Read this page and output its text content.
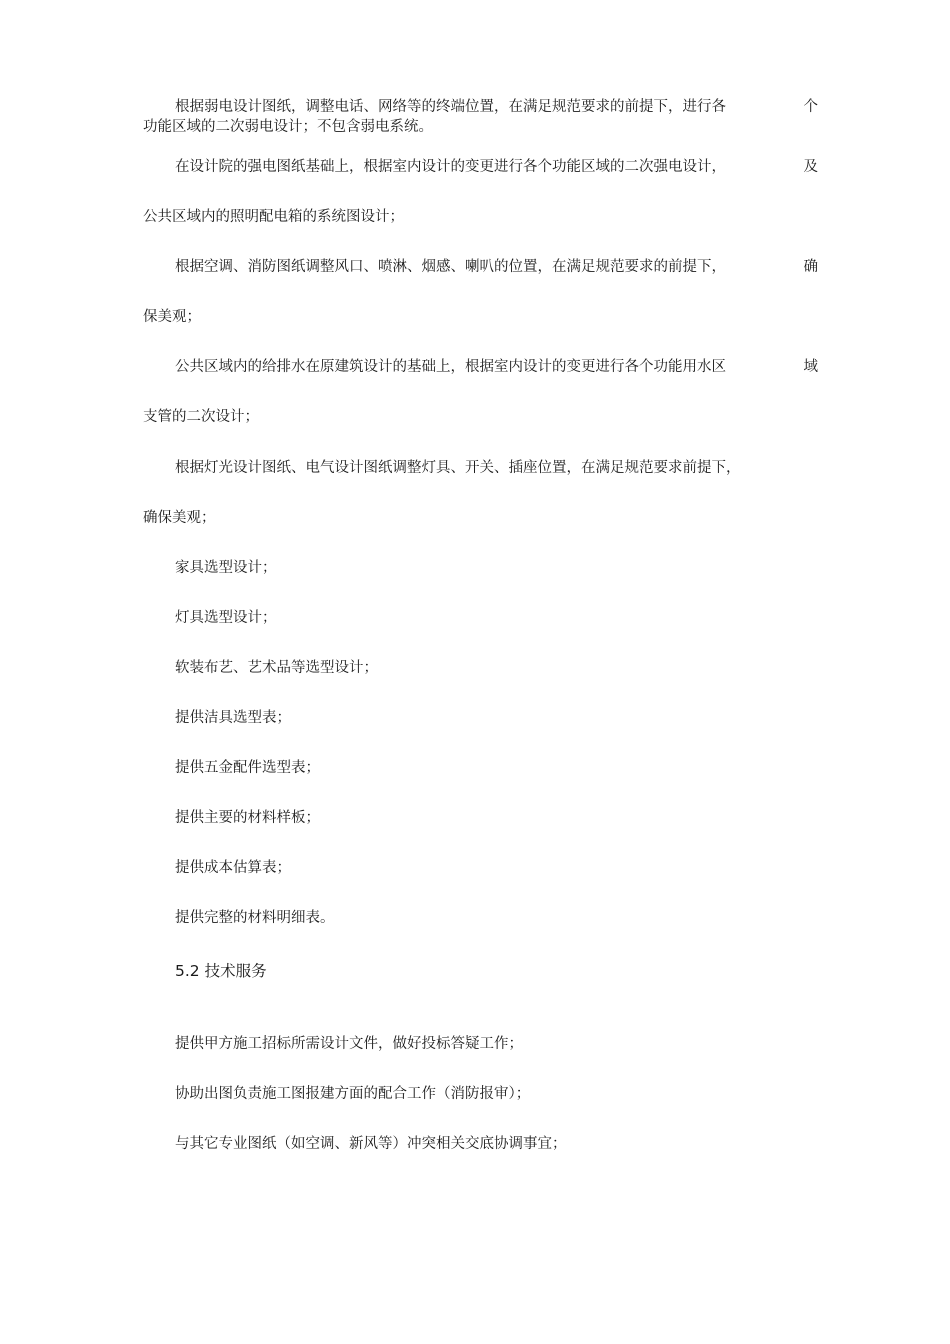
根据弱电设计图纸，调整电话、网络等的终端位置，在满足规范要求的前提下，进行各	个
功能区域的二次弱电设计；不包含弱电系统。
在设计院的强电图纸基础上，根据室内设计的变更进行各个功能区域的二次强电设计，	及
公共区域内的照明配电箱的系统图设计；
根据空调、消防图纸调整风口、喷淋、烟感、喇叭的位置，在满足规范要求的前提下，	确
保美观；
公共区域内的给排水在原建筑设计的基础上，根据室内设计的变更进行各个功能用水区	域
支管的二次设计；
根据灯光设计图纸、电气设计图纸调整灯具、开关、插座位置，在满足规范要求前提下，
确保美观；
家具选型设计；
灯具选型设计；
软装布艺、艺术品等选型设计；
提供洁具选型表；
提供五金配件选型表；
提供主要的材料样板；
提供成本估算表；
提供完整的材料明细表。
5.2 技术服务
提供甲方施工招标所需设计文件，做好投标答疑工作；
协助出图负责施工图报建方面的配合工作（消防报审）；
与其它专业图纸（如空调、新风等）冲突相关交底协调事宜；
